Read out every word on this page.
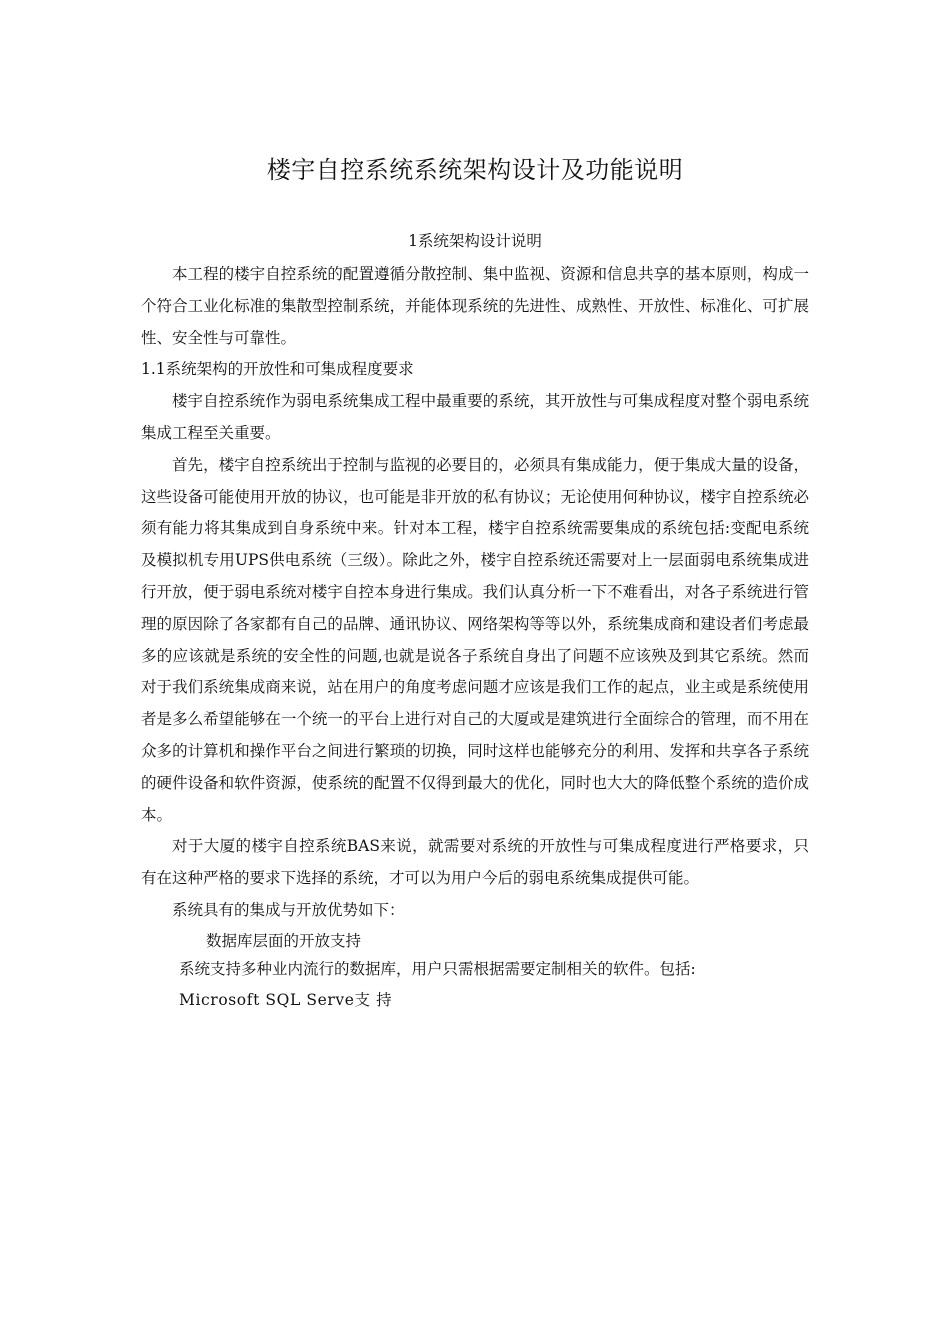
楼宇自控系统系统架构设计及功能说明
1系统架构设计说明

本工程的楼宇自控系统的配置遵循分散控制、集中监视、资源和信息共享的基本原则，构成一个符合工业化标准的集散型控制系统，并能体现系统的先进性、成熟性、开放性、标准化、可扩展性、安全性与可靠性。

1.1系统架构的开放性和可集成程度要求

楼宇自控系统作为弱电系统集成工程中最重要的系统，其开放性与可集成程度对整个弱电系统集成工程至关重要。

首先，楼宇自控系统出于控制与监视的必要目的，必须具有集成能力，便于集成大量的设备，这些设备可能使用开放的协议，也可能是非开放的私有协议；无论使用何种协议，楼宇自控系统必须有能力将其集成到自身系统中来。针对本工程，楼宇自控系统需要集成的系统包括:变配电系统及模拟机专用UPS供电系统（三级）。除此之外，楼宇自控系统还需要对上一层面弱电系统集成进行开放，便于弱电系统对楼宇自控本身进行集成。我们认真分析一下不难看出，对各子系统进行管理的原因除了各家都有自己的品牌、通讯协议、网络架构等等以外，系统集成商和建设者们考虑最多的应该就是系统的安全性的问题,也就是说各子系统自身出了问题不应该殃及到其它系统。然而对于我们系统集成商来说，站在用户的角度考虑问题才应该是我们工作的起点，业主或是系统使用者是多么希望能够在一个统一的平台上进行对自己的大厦或是建筑进行全面综合的管理，而不用在众多的计算机和操作平台之间进行繁琐的切换，同时这样也能够充分的利用、发挥和共享各子系统的硬件设备和软件资源，使系统的配置不仅得到最大的优化，同时也大大的降低整个系统的造价成本。

对于大厦的楼宇自控系统BAS来说，就需要对系统的开放性与可集成程度进行严格要求，只有在这种严格的要求下选择的系统，才可以为用户今后的弱电系统集成提供可能。

系统具有的集成与开放优势如下：

数据库层面的开放支持

系统支持多种业内流行的数据库，用户只需根据需要定制相关的软件。包括:

Microsoft SQL Serve支 持
